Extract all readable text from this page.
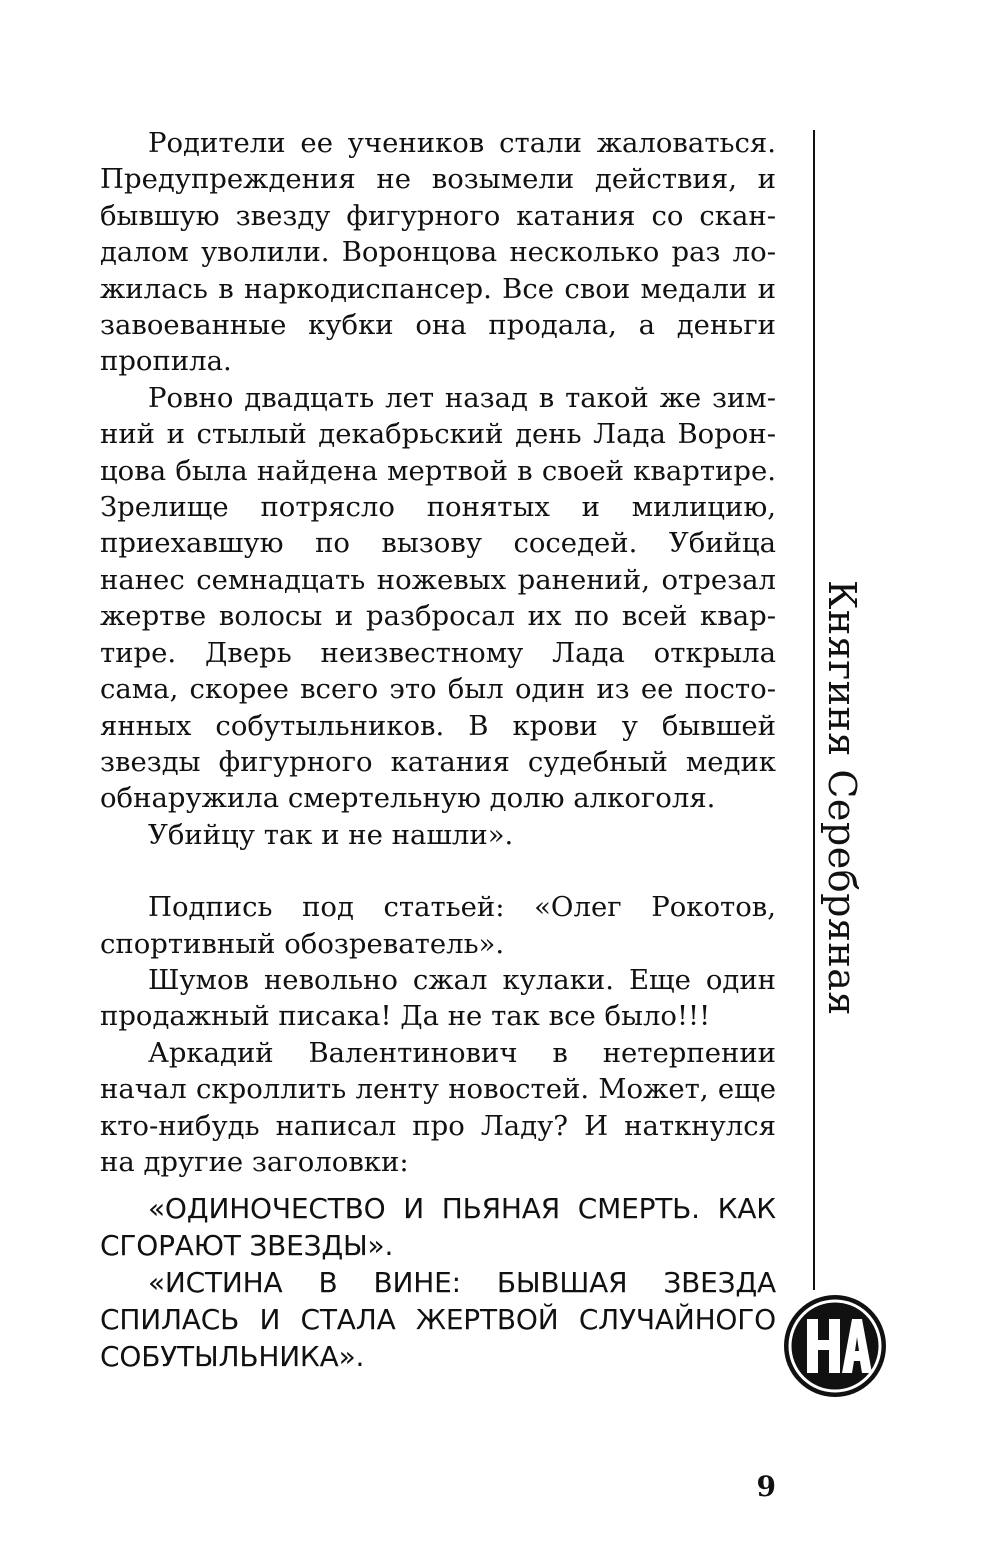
Родители ее учеников стали жаловаться. Предупреждения не возымели действия, и бывшую звезду фигурного катания со скандалом уволили. Воронцова несколько раз ложилась в наркодиспансер. Все свои медали и завоеванные кубки она продала, а деньги пропила.

Ровно двадцать лет назад в такой же зимний и стылый декабрьский день Лада Воронцова была найдена мертвой в своей квартире. Зрелище потрясло понятых и милицию, приехавшую по вызову соседей. Убийца нанес семнадцать ножевых ранений, отрезал жертве волосы и разбросал их по всей квартире. Дверь неизвестному Лада открыла сама, скорее всего это был один из ее постоянных собутыльников. В крови у бывшей звезды фигурного катания судебный медик обнаружила смертельную долю алкоголя.

Убийцу так и не нашли».

Подпись под статьей: «Олег Рокотов, спортивный обозреватель».

Шумов невольно сжал кулаки. Еще один продажный писака! Да не так все было!!!

Аркадий Валентинович в нетерпении начал скроллить ленту новостей. Может, еще кто-нибудь написал про Ладу? И наткнулся на другие заголовки:

«ОДИНОЧЕСТВО И ПЬЯНАЯ СМЕРТЬ. КАК СГОРАЮТ ЗВЕЗДЫ».

«ИСТИНА В ВИНЕ: БЫВШАЯ ЗВЕЗДА СПИЛАСЬ И СТАЛА ЖЕРТВОЙ СЛУЧАЙНОГО СОБУТЫЛЬНИКА».

Княгиня Серебряная
9
